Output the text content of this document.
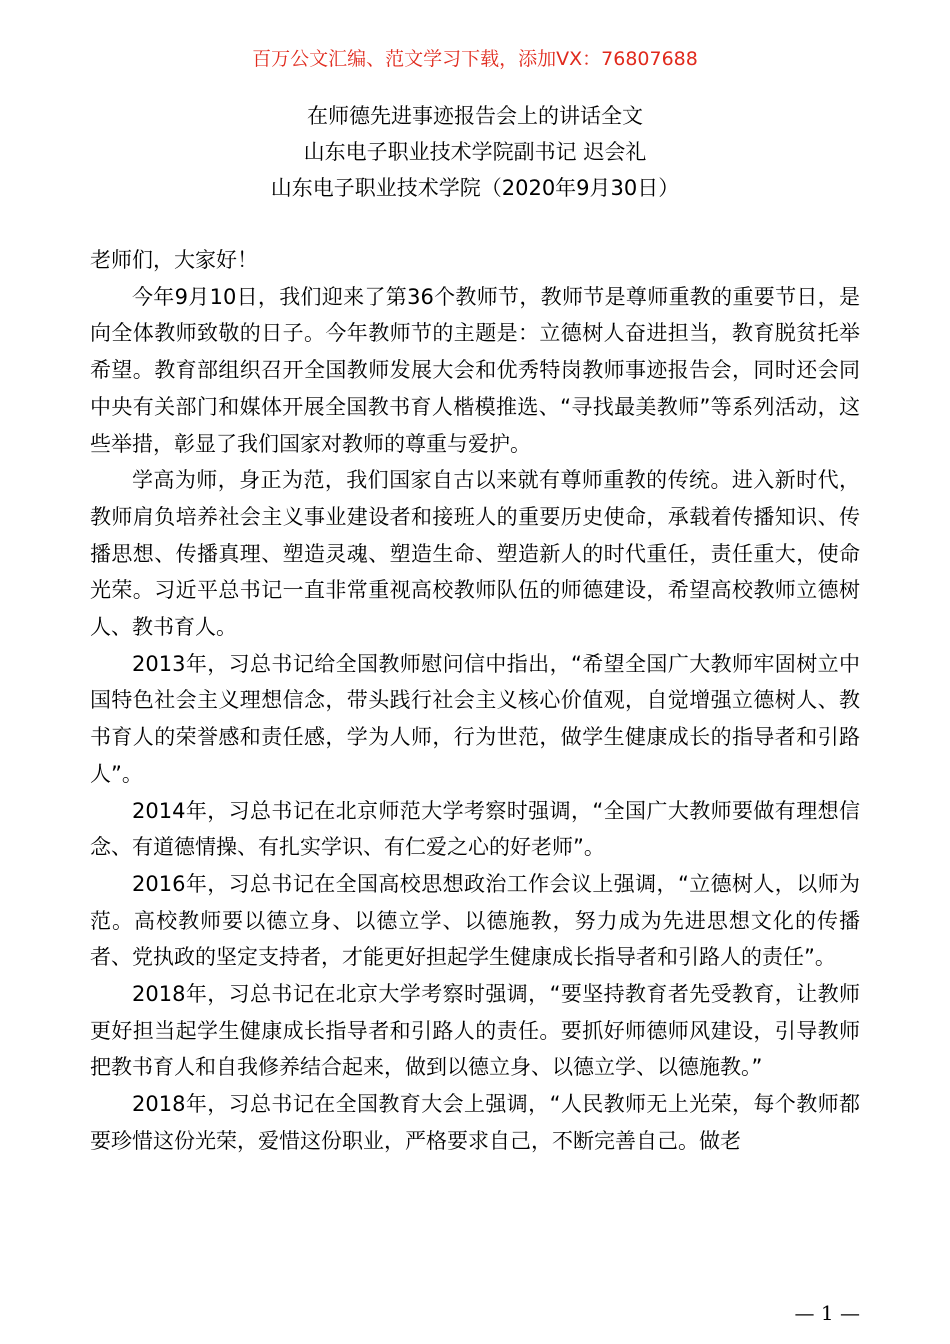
百万公文汇编、范文学习下载，添加VX：76807688
在师德先进事迹报告会上的讲话全文
山东电子职业技术学院副书记 迟会礼
山东电子职业技术学院（2020年9月30日）

老师们，大家好！

今年9月10日，我们迎来了第36个教师节，教师节是尊师重教的重要节日，是向全体教师致敬的日子。今年教师节的主题是：立德树人奋进担当，教育脱贫托举希望。教育部组织召开全国教师发展大会和优秀特岗教师事迹报告会，同时还会同中央有关部门和媒体开展全国教书育人楷模推选、“寻找最美教师”等系列活动，这些举措，彰显了我们国家对教师的尊重与爱护。

学高为师，身正为范，我们国家自古以来就有尊师重教的传统。进入新时代，教师肩负培养社会主义事业建设者和接班人的重要历史使命，承载着传播知识、传播思想、传播真理、塑造灵魂、塑造生命、塑造新人的时代重任，责任重大，使命光荣。习近平总书记一直非常重视高校教师队伍的师德建设，希望高校教师立德树人、教书育人。

2013年，习总书记给全国教师慰问信中指出，“希望全国广大教师牢固树立中国特色社会主义理想信念，带头践行社会主义核心价值观，自觉增强立德树人、教书育人的荣誉感和责任感，学为人师，行为世范，做学生健康成长的指导者和引路人”。

2014年，习总书记在北京师范大学考察时强调，“全国广大教师要做有理想信念、有道德情操、有扎实学识、有仁爱之心的好老师”。

2016年，习总书记在全国高校思想政治工作会议上强调，“立德树人，以师为范。高校教师要以德立身、以德立学、以德施教，努力成为先进思想文化的传播者、党执政的坚定支持者，才能更好担起学生健康成长指导者和引路人的责任”。

2018年，习总书记在北京大学考察时强调，“要坚持教育者先受教育，让教师更好担当起学生健康成长指导者和引路人的责任。要抓好师德师风建设，引导教师把教书育人和自我修养结合起来，做到以德立身、以德立学、以德施教。”

2018年，习总书记在全国教育大会上强调，“人民教师无上光荣，每个教师都要珍惜这份光荣，爱惜这份职业，严格要求自己，不断完善自己。做老

— 1 —
